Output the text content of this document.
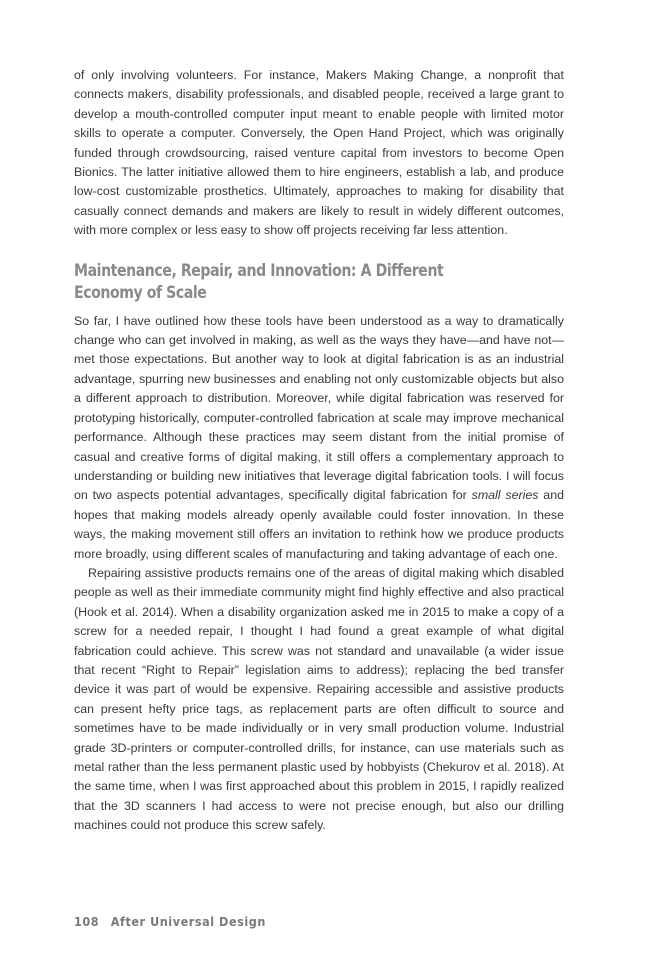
of only involving volunteers. For instance, Makers Making Change, a nonprofit that connects makers, disability professionals, and disabled people, received a large grant to develop a mouth-controlled computer input meant to enable people with limited motor skills to operate a computer. Conversely, the Open Hand Project, which was originally funded through crowdsourcing, raised venture capital from investors to become Open Bionics. The latter initiative allowed them to hire engineers, establish a lab, and produce low-cost customizable prosthetics. Ultimately, approaches to making for disability that casually connect demands and makers are likely to result in widely different outcomes, with more complex or less easy to show off projects receiving far less attention.

Maintenance, Repair, and Innovation: A Different
Economy of Scale

So far, I have outlined how these tools have been understood as a way to dramatically change who can get involved in making, as well as the ways they have—and have not—met those expectations. But another way to look at digital fabrication is as an industrial advantage, spurring new businesses and enabling not only customizable objects but also a different approach to distribution. Moreover, while digital fabrication was reserved for prototyping historically, computer-controlled fabrication at scale may improve mechanical performance. Although these practices may seem distant from the initial promise of casual and creative forms of digital making, it still offers a complementary approach to understanding or building new initiatives that leverage digital fabrication tools. I will focus on two aspects potential advantages, specifically digital fabrication for small series and hopes that making models already openly available could foster innovation. In these ways, the making movement still offers an invitation to rethink how we produce products more broadly, using different scales of manufacturing and taking advantage of each one.

Repairing assistive products remains one of the areas of digital making which disabled people as well as their immediate community might find highly effective and also practical (Hook et al. 2014). When a disability organization asked me in 2015 to make a copy of a screw for a needed repair, I thought I had found a great example of what digital fabrication could achieve. This screw was not standard and unavailable (a wider issue that recent “Right to Repair” legislation aims to address); replacing the bed transfer device it was part of would be expensive. Repairing accessible and assistive products can present hefty price tags, as replacement parts are often difficult to source and sometimes have to be made individually or in very small production volume. Industrial grade 3D-printers or computer-controlled drills, for instance, can use materials such as metal rather than the less permanent plastic used by hobbyists (Chekurov et al. 2018). At the same time, when I was first approached about this problem in 2015, I rapidly realized that the 3D scanners I had access to were not precise enough, but also our drilling machines could not produce this screw safely.

108 After Universal Design
